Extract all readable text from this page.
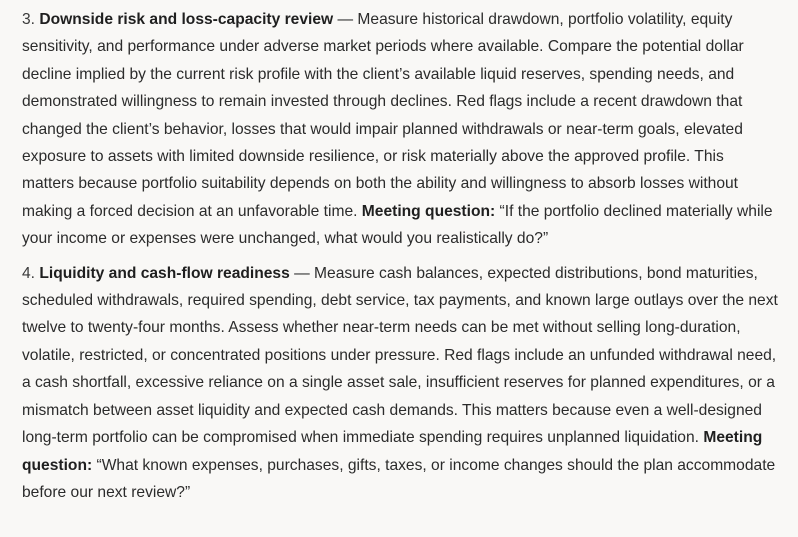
3. Downside risk and loss-capacity review — Measure historical drawdown, portfolio volatility, equity sensitivity, and performance under adverse market periods where available. Compare the potential dollar decline implied by the current risk profile with the client’s available liquid reserves, spending needs, and demonstrated willingness to remain invested through declines. Red flags include a recent drawdown that changed the client’s behavior, losses that would impair planned withdrawals or near-term goals, elevated exposure to assets with limited downside resilience, or risk materially above the approved profile. This matters because portfolio suitability depends on both the ability and willingness to absorb losses without making a forced decision at an unfavorable time. Meeting question: “If the portfolio declined materially while your income or expenses were unchanged, what would you realistically do?”

4. Liquidity and cash-flow readiness — Measure cash balances, expected distributions, bond maturities, scheduled withdrawals, required spending, debt service, tax payments, and known large outlays over the next twelve to twenty-four months. Assess whether near-term needs can be met without selling long-duration, volatile, restricted, or concentrated positions under pressure. Red flags include an unfunded withdrawal need, a cash shortfall, excessive reliance on a single asset sale, insufficient reserves for planned expenditures, or a mismatch between asset liquidity and expected cash demands. This matters because even a well-designed long-term portfolio can be compromised when immediate spending requires unplanned liquidation. Meeting question: “What known expenses, purchases, gifts, taxes, or income changes should the plan accommodate before our next review?”
